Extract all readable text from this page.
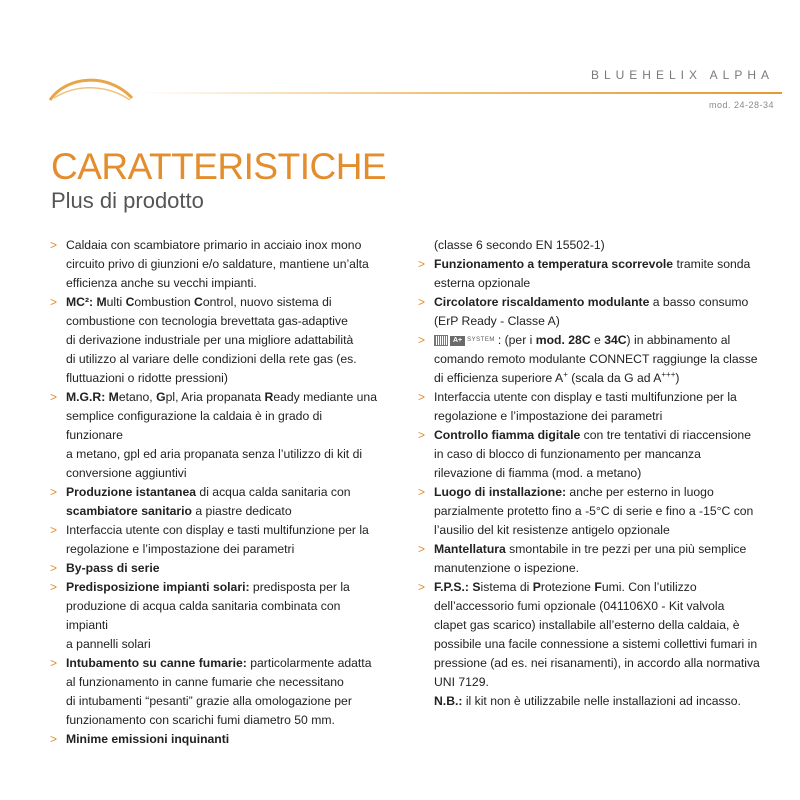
BLUEHELIX ALPHA
mod. 24-28-34
CARATTERISTICHE
Plus di prodotto
> Caldaia con scambiatore primario in acciaio inox mono
circuito privo di giunzioni e/o saldature, mantiene un’alta
efficienza anche su vecchi impianti.
> MC²: Multi Combustion Control, nuovo sistema di
combustione con tecnologia brevettata gas-adaptive
di derivazione industriale per una migliore adattabilità
di utilizzo al variare delle condizioni della rete gas (es.
fluttuazioni o ridotte pressioni)
> M.G.R: Metano, Gpl, Aria propanata Ready mediante una
semplice configurazione la caldaia è in grado di funzionare
a metano, gpl ed aria propanata senza l’utilizzo di kit di
conversione aggiuntivi
> Produzione istantanea di acqua calda sanitaria con
scambiatore sanitario a piastre dedicato
> Interfaccia utente con display e tasti multifunzione per la
regolazione e l’impostazione dei parametri
> By-pass di serie
> Predisposizione impianti solari: predisposta per la
produzione di acqua calda sanitaria combinata con impianti
a pannelli solari
> Intubamento su canne fumarie: particolarmente adatta
al funzionamento in canne fumarie che necessitano
di intubamenti “pesanti” grazie alla omologazione per
funzionamento con scarichi fumi diametro 50 mm.
> Minime emissioni inquinanti
(classe 6 secondo EN 15502-1)
> Funzionamento a temperatura scorrevole tramite sonda
esterna opzionale
> Circolatore riscaldamento modulante a basso consumo
(ErP Ready - Classe A)
>	A+ SYSTEM : (per i mod. 28C e 34C) in abbinamento al
comando remoto modulante CONNECT raggiunge la classe
di efficienza superiore A+ (scala da G ad A+++)
> Interfaccia utente con display e tasti multifunzione per la
regolazione e l’impostazione dei parametri
> Controllo fiamma digitale con tre tentativi di riaccensione
in caso di blocco di funzionamento per mancanza
rilevazione di fiamma (mod. a metano)
> Luogo di installazione: anche per esterno in luogo
parzialmente protetto fino a -5°C di serie e fino a -15°C con
l’ausilio del kit resistenze antigelo opzionale
> Mantellatura smontabile in tre pezzi per una più semplice
manutenzione o ispezione.
> F.P.S.: Sistema di Protezione Fumi. Con l’utilizzo
dell’accessorio fumi opzionale (041106X0 - Kit valvola
clapet gas scarico) installabile all’esterno della caldaia, è
possibile una facile connessione a sistemi collettivi fumari in
pressione (ad es. nei risanamenti), in accordo alla normativa
UNI 7129.
N.B.: il kit non è utilizzabile nelle installazioni ad incasso.
